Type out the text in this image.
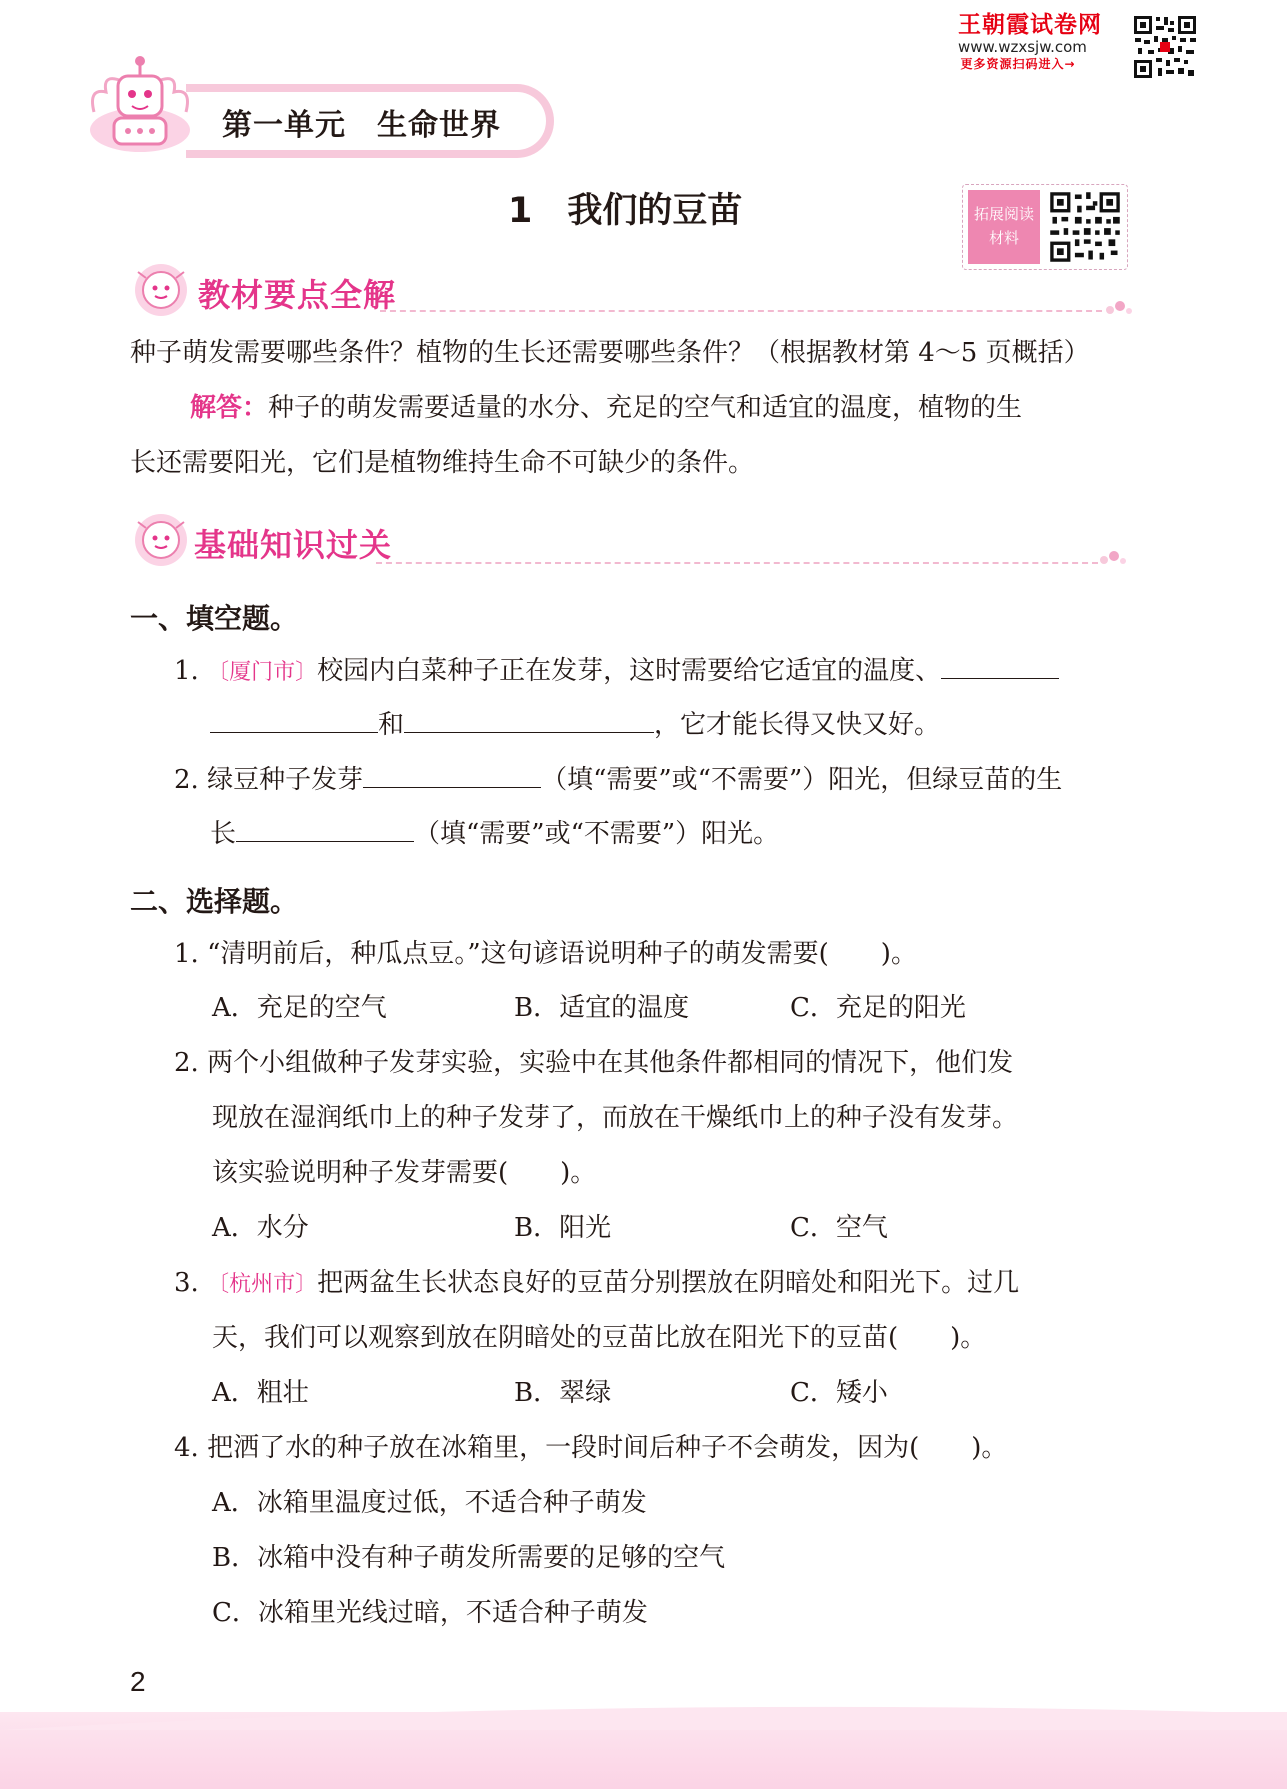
王朝霞试卷网
www.wzxsjw.com
更多资源扫码进入→
第一单元　生命世界
1　我们的豆苗	拓展阅读
材料
教材要点全解
种子萌发需要哪些条件？植物的生长还需要哪些条件？（根据教材第 4～5 页概括）
解答：种子的萌发需要适量的水分、充足的空气和适宜的温度，植物的生
长还需要阳光，它们是植物维持生命不可缺少的条件。
基础知识过关
一、填空题。
1. 〔厦门市〕校园内白菜种子正在发芽，这时需要给它适宜的温度、
和	，它才能长得又快又好。
2. 绿豆种子发芽	（填“需要”或“不需要”）阳光，但绿豆苗的生
长	（填“需要”或“不需要”）阳光。
二、选择题。
1. “清明前后，种瓜点豆。”这句谚语说明种子的萌发需要(　　)。
A．充足的空气	B．适宜的温度	C．充足的阳光
2. 两个小组做种子发芽实验，实验中在其他条件都相同的情况下，他们发
现放在湿润纸巾上的种子发芽了，而放在干燥纸巾上的种子没有发芽。
该实验说明种子发芽需要(　　)。
A．水分	B．阳光	C．空气
3. 〔杭州市〕把两盆生长状态良好的豆苗分别摆放在阴暗处和阳光下。过几
天，我们可以观察到放在阴暗处的豆苗比放在阳光下的豆苗(　　)。
A．粗壮	B．翠绿	C．矮小
4. 把洒了水的种子放在冰箱里，一段时间后种子不会萌发，因为(　　)。
A．冰箱里温度过低，不适合种子萌发
B．冰箱中没有种子萌发所需要的足够的空气
C．冰箱里光线过暗，不适合种子萌发
2
